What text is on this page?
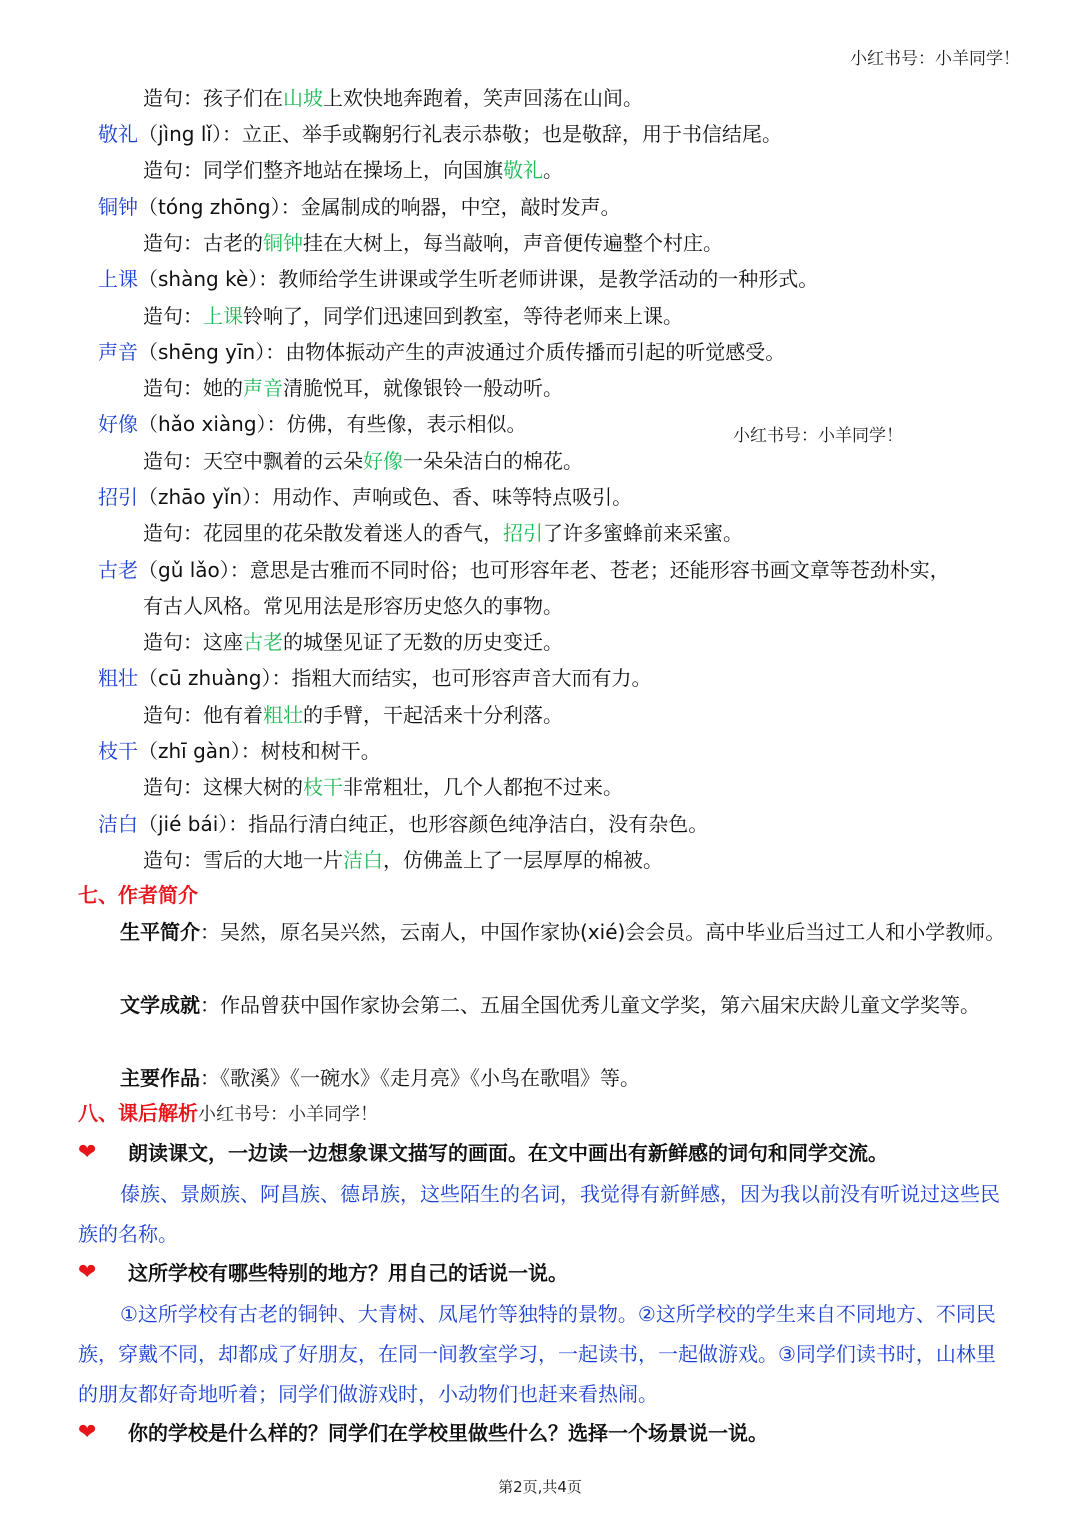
小红书号：小羊同学！
小红书号：小羊同学！
造句：孩子们在山坡上欢快地奔跑着，笑声回荡在山间。
敬礼（jìng lǐ）：立正、举手或鞠躬行礼表示恭敬；也是敬辞，用于书信结尾。
造句：同学们整齐地站在操场上，向国旗敬礼。
铜钟（tóng zhōng）：金属制成的响器，中空，敲时发声。
造句：古老的铜钟挂在大树上，每当敲响，声音便传遍整个村庄。
上课（shàng kè）：教师给学生讲课或学生听老师讲课，是教学活动的一种形式。
造句：上课铃响了，同学们迅速回到教室，等待老师来上课。
声音（shēng yīn）：由物体振动产生的声波通过介质传播而引起的听觉感受。
造句：她的声音清脆悦耳，就像银铃一般动听。
好像（hǎo xiàng）：仿佛，有些像，表示相似。
造句：天空中飘着的云朵好像一朵朵洁白的棉花。
招引（zhāo yǐn）：用动作、声响或色、香、味等特点吸引。
造句：花园里的花朵散发着迷人的香气，招引了许多蜜蜂前来采蜜。
古老（gǔ lǎo）：意思是古雅而不同时俗；也可形容年老、苍老；还能形容书画文章等苍劲朴实，
有古人风格。常见用法是形容历史悠久的事物。
造句：这座古老的城堡见证了无数的历史变迁。
粗壮（cū zhuàng）：指粗大而结实，也可形容声音大而有力。
造句：他有着粗壮的手臂，干起活来十分利落。
枝干（zhī gàn）：树枝和树干。
造句：这棵大树的枝干非常粗壮，几个人都抱不过来。
洁白（jié bái）：指品行清白纯正，也形容颜色纯净洁白，没有杂色。
造句：雪后的大地一片洁白，仿佛盖上了一层厚厚的棉被。
七、作者简介
生平简介：吴然，原名吴兴然，云南人，中国作家协(xié)会会员。高中毕业后当过工人和小学教师。
文学成就：作品曾获中国作家协会第二、五届全国优秀儿童文学奖，第六届宋庆龄儿童文学奖等。
主要作品：《歌溪》《一碗水》《走月亮》《小鸟在歌唱》等。
八、课后解析小红书号：小羊同学！
❤ 朗读课文，一边读一边想象课文描写的画面。在文中画出有新鲜感的词句和同学交流。
傣族、景颇族、阿昌族、德昂族，这些陌生的名词，我觉得有新鲜感，因为我以前没有听说过这些民族的名称。
❤ 这所学校有哪些特别的地方？用自己的话说一说。
①这所学校有古老的铜钟、大青树、凤尾竹等独特的景物。②这所学校的学生来自不同地方、不同民族，穿戴不同，却都成了好朋友，在同一间教室学习，一起读书，一起做游戏。③同学们读书时，山林里的朋友都好奇地听着；同学们做游戏时，小动物们也赶来看热闹。
❤ 你的学校是什么样的？同学们在学校里做些什么？选择一个场景说一说。
第2页,共4页
